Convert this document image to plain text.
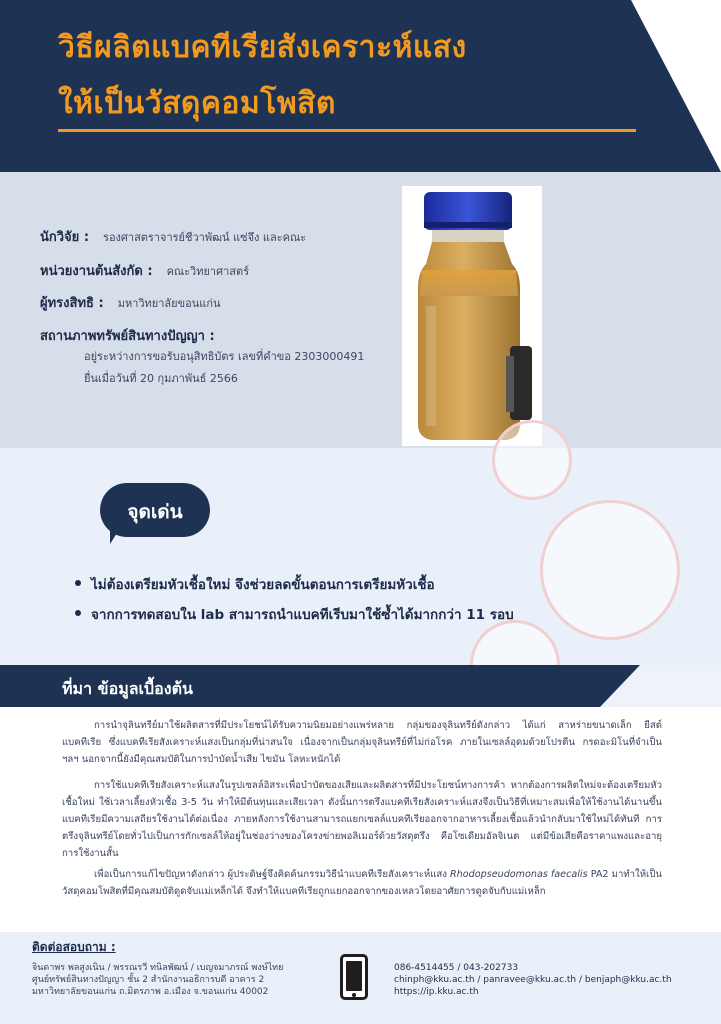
วิธีผลิตแบคทีเรียสังเคราะห์แสง
ให้เป็นวัสดุคอมโพสิต
นักวิจัย : รองศาสตราจารย์ชีวาพัฒน์ แซ่จึง และคณะ
หน่วยงานต้นสังกัด : คณะวิทยาศาสตร์
ผู้ทรงสิทธิ : มหาวิทยาลัยขอนแก่น
สถานภาพทรัพย์สินทางปัญญา :
อยู่ระหว่างการขอรับอนุสิทธิบัตร เลขที่คำขอ 2303000491
ยื่นเมื่อวันที่ 20 กุมภาพันธ์ 2566
จุดเด่น
ไม่ต้องเตรียมหัวเชื้อใหม่ จึงช่วยลดขั้นตอนการเตรียมหัวเชื้อ
จากการทดสอบใน lab สามารถนำแบคทีเรีบมาใช้ซ้ำได้มากกว่า 11 รอบ
ที่มา ข้อมูลเบื้องต้น
การนำจุลินทรีย์มาใช้ผลิตสารที่มีประโยชน์ได้รับความนิยมอย่างแพร่หลาย กลุ่มของจุลินทรีย์ดังกล่าว ได้แก่ สาหร่ายขนาดเล็ก ยีสต์ แบคทีเรีย ซึ่งแบคทีเรียสังเคราะห์แสงเป็นกลุ่มที่น่าสนใจ เนื่องจากเป็นกลุ่มจุลินทรีย์ที่ไม่ก่อโรค ภายในเซลล์อุดมด้วยโปรตีน กรดอะมิโนที่จำเป็น ฯลฯ นอกจากนี้ยังมีคุณสมบัติในการบำบัดน้ำเสีย ไขมัน โลหะหนักได้
การใช้แบคทีเรียสังเคราะห์แสงในรูปเซลล์อิสระเพื่อบำบัดของเสียและผลิตสารที่มีประโยชน์ทางการค้า หากต้องการผลิตใหม่จะต้องเตรียมหัวเชื้อใหม่ ใช้เวลาเลี้ยงหัวเชื้อ 3-5 วัน ทำให้มีต้นทุนและเสียเวลา ดังนั้นการตรึงแบคทีเรียสังเคราะห์แสงจึงเป็นวิธีที่เหมาะสมเพื่อให้ใช้งานได้นานขึ้น แบคทีเรียมีความเสถียรใช้งานได้ต่อเนื่อง ภายหลังการใช้งานสามารถแยกเซลล์แบคทีเรียออกจากอาหารเลี้ยงเชื้อแล้วนำกลับมาใช้ใหม่ได้ทันที การตรึงจุลินทรีย์โดยทั่วไปเป็นการกักเซลล์ให้อยู่ในช่องว่างของโครงข่ายพอลิเมอร์ด้วยวัสดุตรึง คือโซเดียมอัลจิเนต แต่มีข้อเสียคือราคาแพงและอายุการใช้งานสั้น
เพื่อเป็นการแก้ไขปัญหาดังกล่าว ผู้ประดิษฐ์จึงคิดค้นกรรมวิธีนำแบคทีเรียสังเคราะห์แสง Rhodopseudomonas faecalis PA2 มาทำให้เป็นวัสดุคอมโพสิตที่มีคุณสมบัติดูดจับแม่เหล็กได้ จึงทำให้แบคทีเรียถูกแยกออกจากของเหลวโดยอาศัยการดูดจับกับแม่เหล็ก
ติดต่อสอบถาม :
จินดาพร พลสูงเนิน / พรรณรวี ทนิลพัฒน์ / เบญจมาภรณ์ พงษ์ไทย
ศูนย์ทรัพย์สินทางปัญญา ชั้น 2 สำนักงานอธิการบดี อาคาร 2
มหาวิทยาลัยขอนแก่น ถ.มิตรภาพ อ.เมือง จ.ขอนแก่น 40002
086-4514455 / 043-202733
chinph@kku.ac.th / panravee@kku.ac.th / benjaph@kku.ac.th
https://ip.kku.ac.th
